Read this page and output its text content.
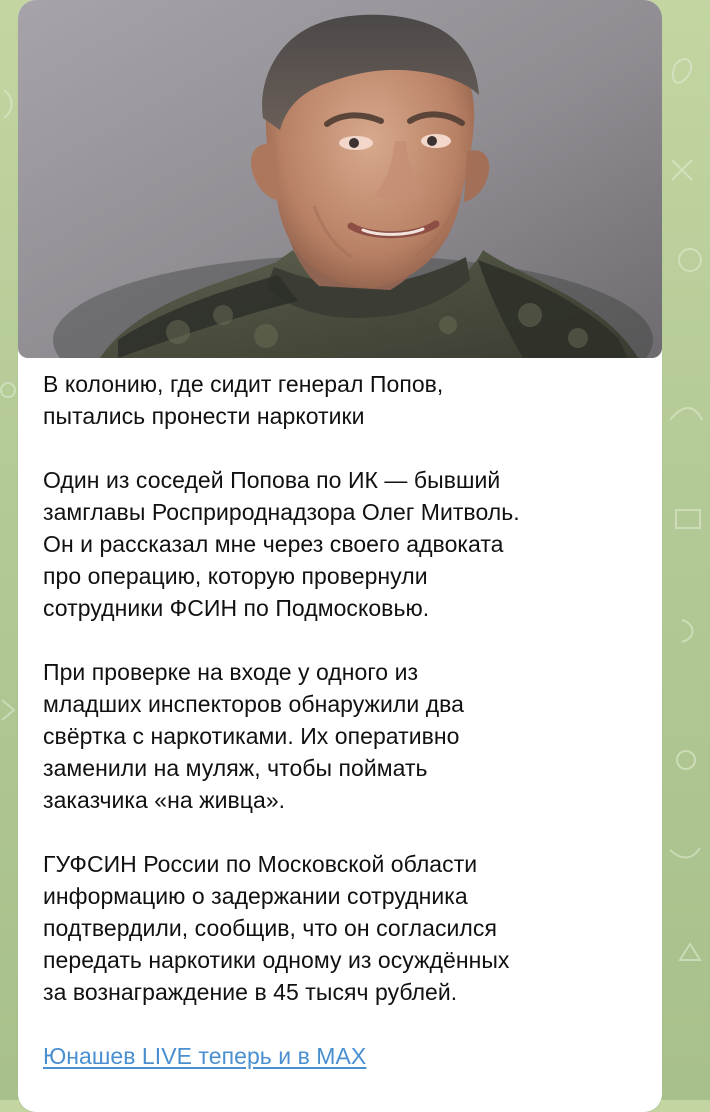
В колонию, где сидит генерал Попов,
пытались пронести наркотики

Один из соседей Попова по ИК — бывший
замглавы Росприроднадзора Олег Митволь.
Он и рассказал мне через своего адвоката
про операцию, которую провернули
сотрудники ФСИН по Подмосковью.

При проверке на входе у одного из
младших инспекторов обнаружили два
свёртка с наркотиками. Их оперативно
заменили на муляж, чтобы поймать
заказчика «на живца».

ГУФСИН России по Московской области
информацию о задержании сотрудника
подтвердили, сообщив, что он согласился
передать наркотики одному из осуждённых
за вознаграждение в 45 тысяч рублей.

Юнашев LIVE теперь и в MAX
